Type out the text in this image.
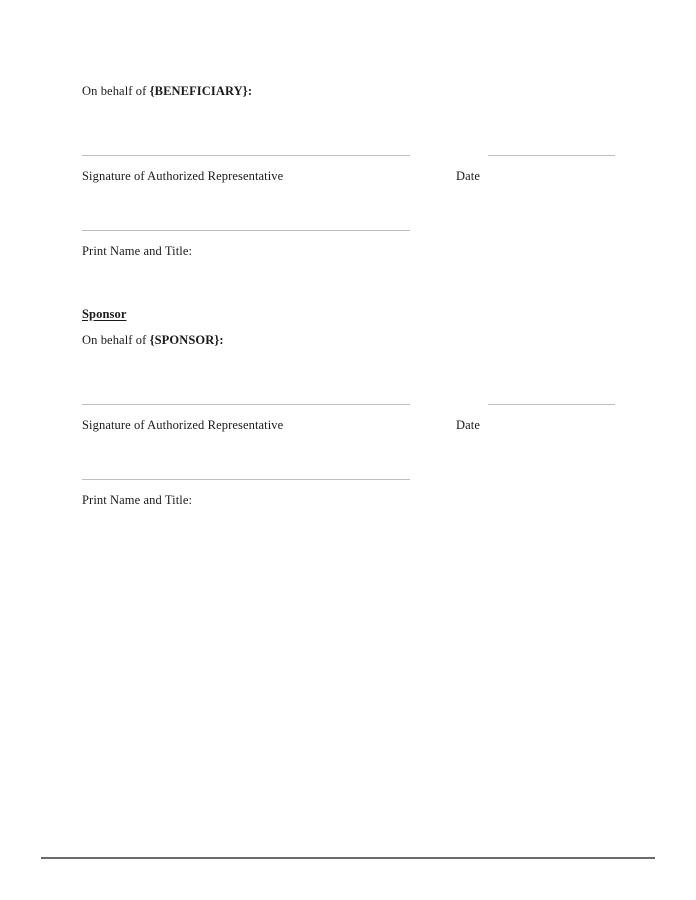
On behalf of {BENEFICIARY}:
Signature of Authorized Representative	Date
Print Name and Title:
Sponsor
On behalf of {SPONSOR}:
Signature of Authorized Representative	Date
Print Name and Title:
